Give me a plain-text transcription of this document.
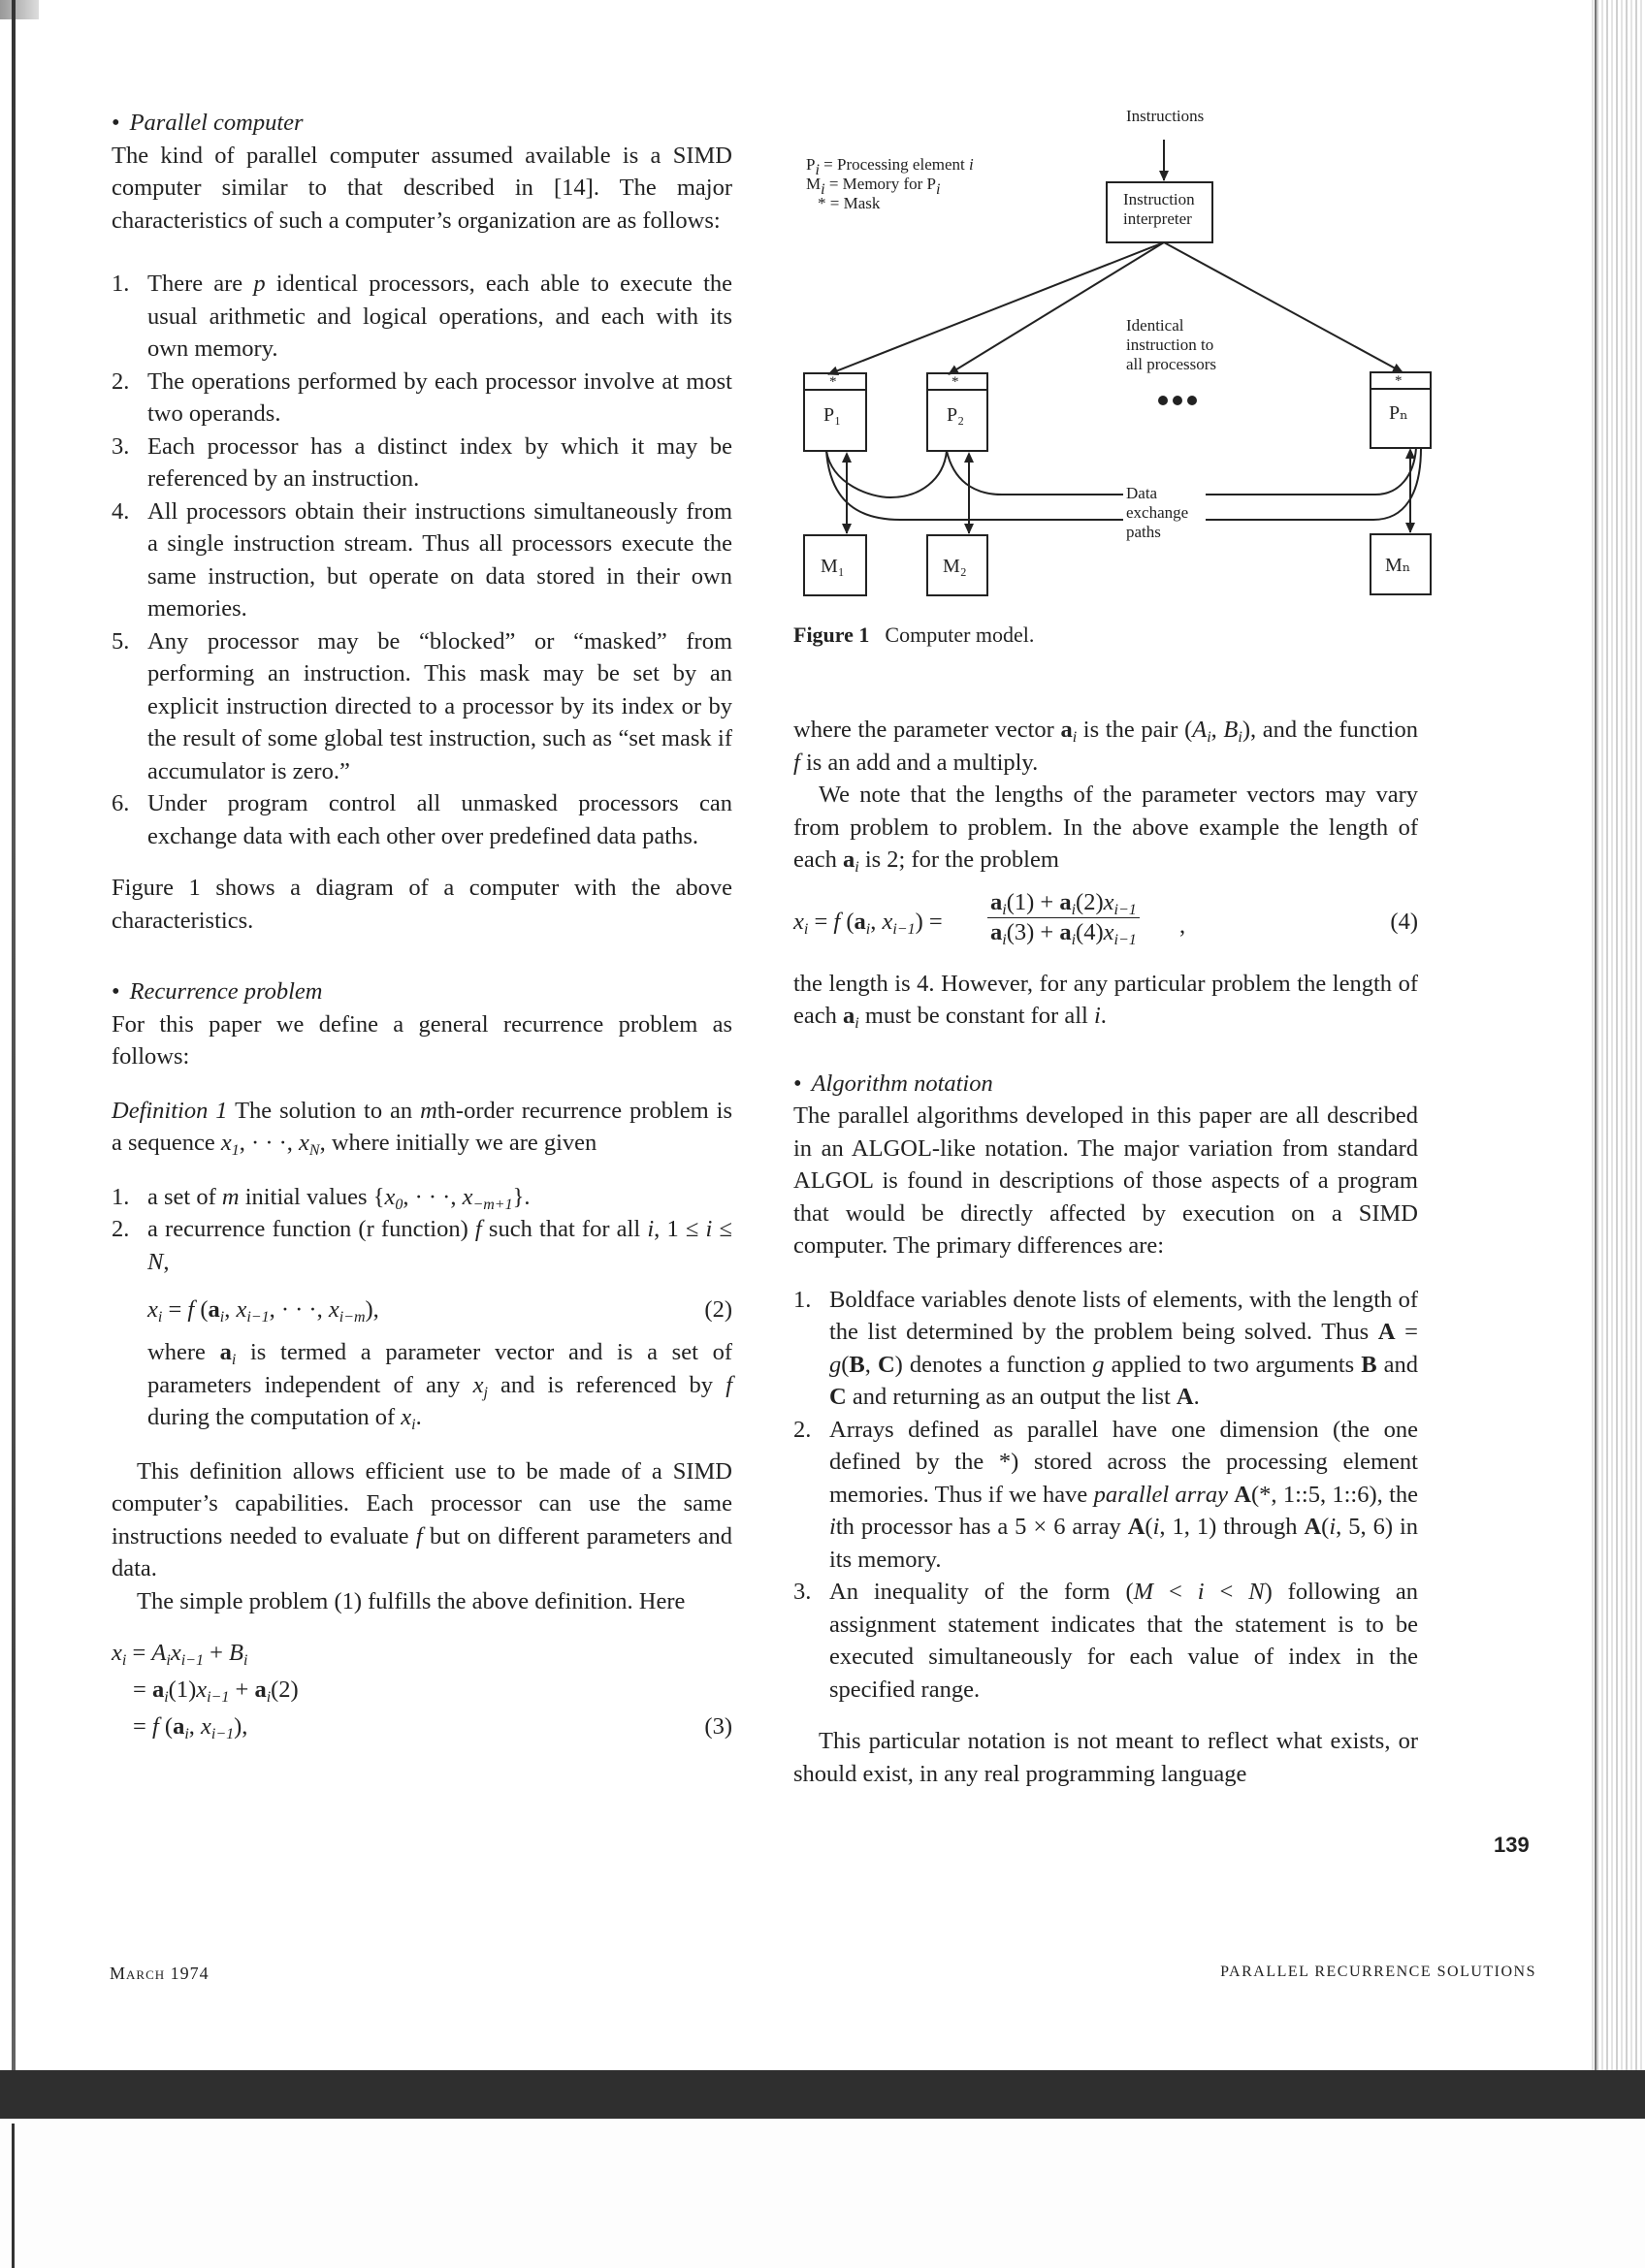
• Parallel computer

The kind of parallel computer assumed available is a SIMD computer similar to that described in [14]. The major characteristics of such a computer’s organization are as follows:

1. There are p identical processors, each able to execute the usual arithmetic and logical operations, and each with its own memory.
2. The operations performed by each processor involve at most two operands.
3. Each processor has a distinct index by which it may be referenced by an instruction.
4. All processors obtain their instructions simultaneously from a single instruction stream. Thus all processors execute the same instruction, but operate on data stored in their own memories.
5. Any processor may be “blocked” or “masked” from performing an instruction. This mask may be set by an explicit instruction directed to a processor by its index or by the result of some global test instruction, such as “set mask if accumulator is zero.”
6. Under program control all unmasked processors can exchange data with each other over predefined data paths.

Figure 1 shows a diagram of a computer with the above characteristics.

• Recurrence problem

For this paper we define a general recurrence problem as follows:

Definition 1 The solution to an mth-order recurrence problem is a sequence $x_1$, · · ·, $x_N$, where initially we are given

1. a set of m initial values {$x_0$, · · ·, $x_{-m+1}$}.
2. a recurrence function (r function) f such that for all i, 1 ≤ i ≤ N,
$x_i = f$ ($a_i$, $x_{i-1}$, · · ·, $x_{i-m}$),	(2)

where $a_i$ is termed a parameter vector and is a set of parameters independent of any $x_j$ and is referenced by f during the computation of $x_i$.

This definition allows efficient use to be made of a SIMD computer’s capabilities. Each processor can use the same instructions needed to evaluate f but on different parameters and data.

The simple problem (1) fulfills the above definition. Here

$x_i = A_ix_{i-1} + B_i$
= $a_i(1)x_{i-1} + a_i(2)$
= f ($a_i$, $x_{i-1}$),	(3)
$P_i$ = Processing element i
$M_i$ = Memory for $P_i$
* = Mask
Instructions
Instruction
interpreter
Identical
instruction to
all processors
Data
exchange
paths
*	*	*
P₁	P₂	Pₙ
M₁	M₂	Mₙ
Figure 1 Computer model.

where the parameter vector $a_i$ is the pair ($A_i$, $B_i$), and the function f is an add and a multiply.

We note that the lengths of the parameter vectors may vary from problem to problem. In the above example the length of each $a_i$ is 2; for the problem

$x_i = f$ ($a_i$, $x_{i-1}) = \frac{a_i(1) + a_i(2)x_{i-1}}{a_i(3) + a_i(4)x_{i-1}}$ ,	(4)

the length is 4. However, for any particular problem the length of each $a_i$ must be constant for all i.

• Algorithm notation

The parallel algorithms developed in this paper are all described in an ALGOL-like notation. The major variation from standard ALGOL is found in descriptions of those aspects of a program that would be directly affected by execution on a SIMD computer. The primary differences are:

1. Boldface variables denote lists of elements, with the length of the list determined by the problem being solved. Thus A = g(B, C) denotes a function g applied to two arguments B and C and returning as an output the list A.
2. Arrays defined as parallel have one dimension (the one defined by the *) stored across the processing element memories. Thus if we have parallel array A(*, 1::5, 1::6), the ith processor has a 5 × 6 array A(i, 1, 1) through A(i, 5, 6) in its memory.
3. An inequality of the form (M < i < N) following an assignment statement indicates that the statement is to be executed simultaneously for each value of index in the specified range.

This particular notation is not meant to reflect what exists, or should exist, in any real programming language

139
March 1974	PARALLEL RECURRENCE SOLUTIONS
